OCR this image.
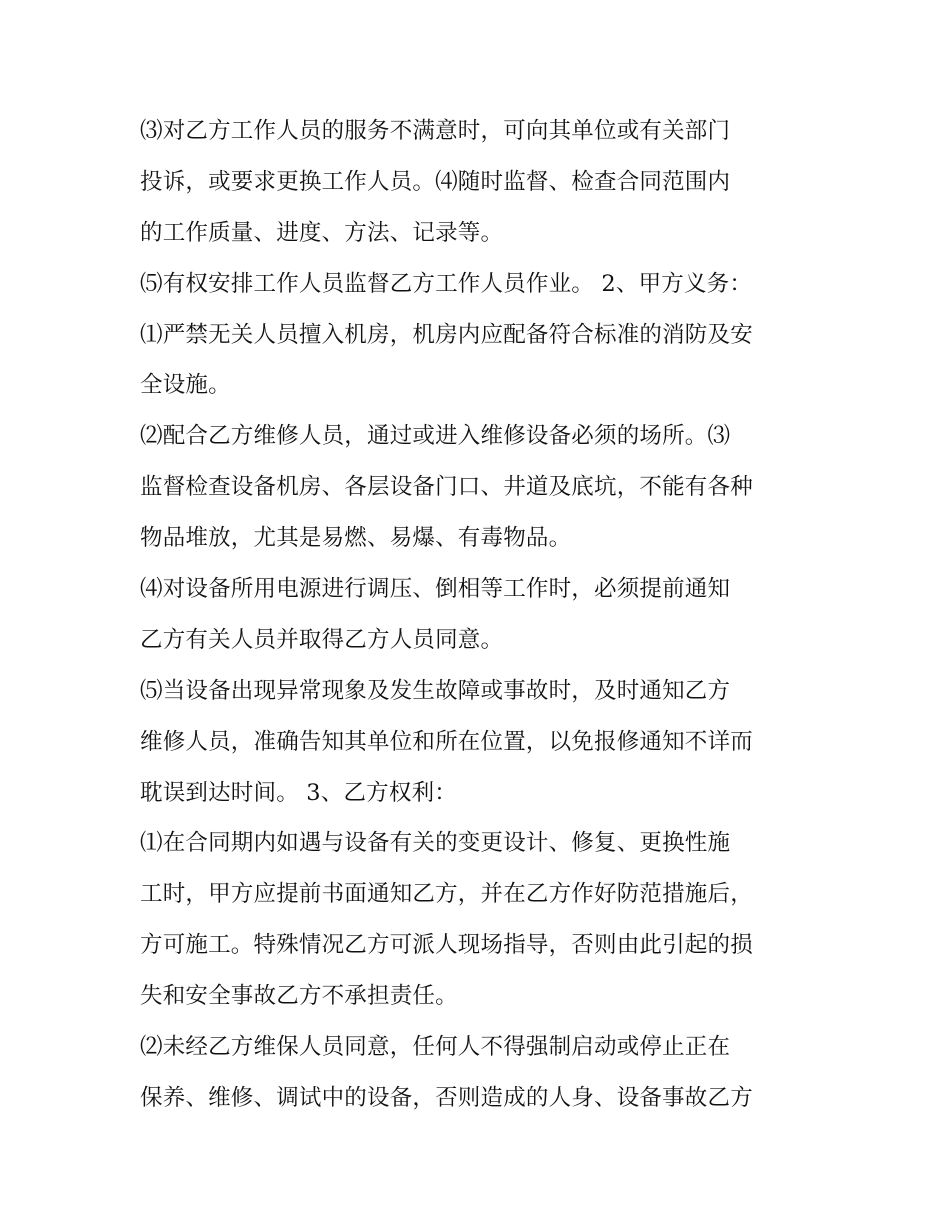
⑶对乙方工作人员的服务不满意时，可向其单位或有关部门
投诉，或要求更换工作人员。⑷随时监督、检查合同范围内
的工作质量、进度、方法、记录等。
⑸有权安排工作人员监督乙方工作人员作业。 2、甲方义务：
⑴严禁无关人员擅入机房，机房内应配备符合标准的消防及安
全设施。
⑵配合乙方维修人员，通过或进入维修设备必须的场所。⑶
监督检查设备机房、各层设备门口、井道及底坑，不能有各种
物品堆放，尤其是易燃、易爆、有毒物品。
⑷对设备所用电源进行调压、倒相等工作时，必须提前通知
乙方有关人员并取得乙方人员同意。
⑸当设备出现异常现象及发生故障或事故时，及时通知乙方
维修人员，准确告知其单位和所在位置，以免报修通知不详而
耽误到达时间。 3、乙方权利：
⑴在合同期内如遇与设备有关的变更设计、修复、更换性施
工时，甲方应提前书面通知乙方，并在乙方作好防范措施后，
方可施工。特殊情况乙方可派人现场指导，否则由此引起的损
失和安全事故乙方不承担责任。
⑵未经乙方维保人员同意，任何人不得强制启动或停止正在
保养、维修、调试中的设备，否则造成的人身、设备事故乙方
